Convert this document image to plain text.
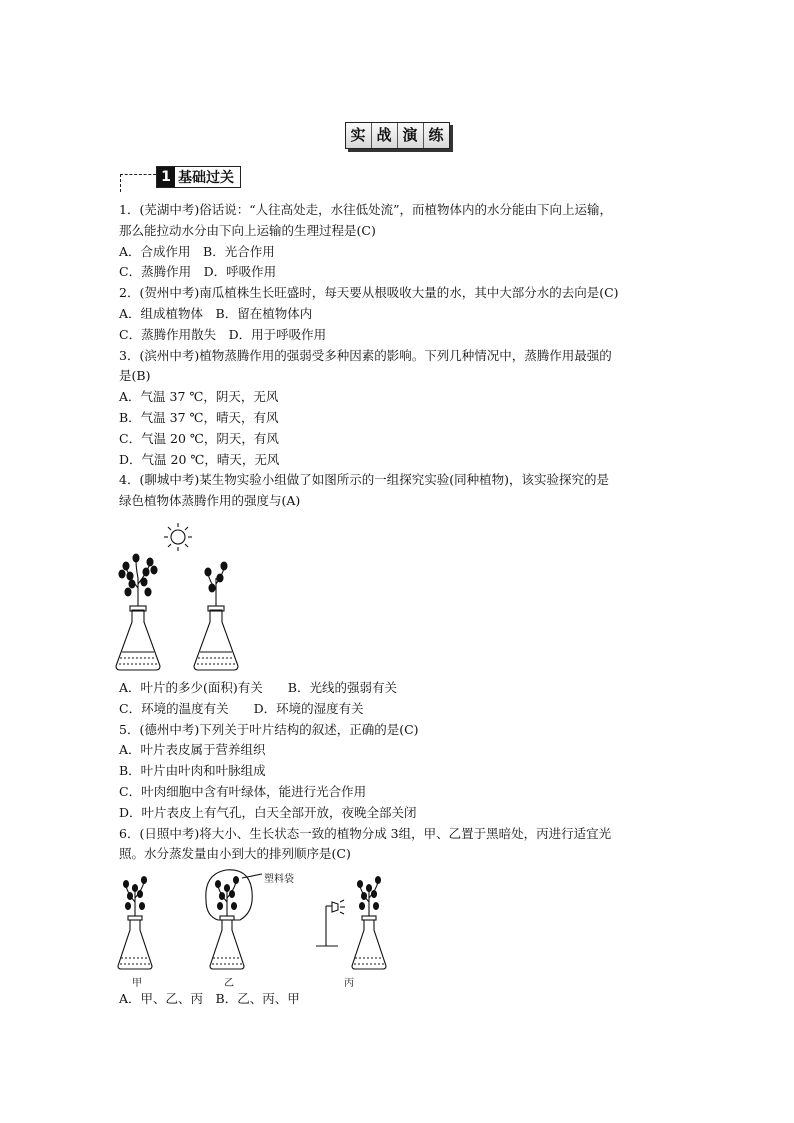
实 战 演 练
1 基础过关

1．(芜湖中考)俗话说：“人往高处走，水往低处流”，而植物体内的水分能由下向上运输，

那么能拉动水分由下向上运输的生理过程是(C)

A．合成作用　B．光合作用

C．蒸腾作用　D．呼吸作用

2．(贺州中考)南瓜植株生长旺盛时，每天要从根吸收大量的水，其中大部分水的去向是(C)

A．组成植物体　B．留在植物体内

C．蒸腾作用散失　D．用于呼吸作用

3．(滨州中考)植物蒸腾作用的强弱受多种因素的影响。下列几种情况中，蒸腾作用最强的

是(B)

A．气温 37 ℃，阴天，无风

B．气温 37 ℃，晴天，有风

C．气温 20 ℃，阴天，有风

D．气温 20 ℃，晴天，无风

4．(聊城中考)某生物实验小组做了如图所示的一组探究实验(同种植物)，该实验探究的是

绿色植物体蒸腾作用的强度与(A)

A．叶片的多少(面积)有关　　B．光线的强弱有关

C．环境的温度有关　　D．环境的湿度有关

5．(德州中考)下列关于叶片结构的叙述，正确的是(C)

A．叶片表皮属于营养组织

B．叶片由叶肉和叶脉组成

C．叶肉细胞中含有叶绿体，能进行光合作用

D．叶片表皮上有气孔，白天全部开放，夜晚全部关闭

6．(日照中考)将大小、生长状态一致的植物分成 3组，甲、乙置于黑暗处，丙进行适宜光

照。水分蒸发量由小到大的排列顺序是(C)

A．甲、乙、丙　B．乙、丙、甲

塑料袋
甲	乙	丙
